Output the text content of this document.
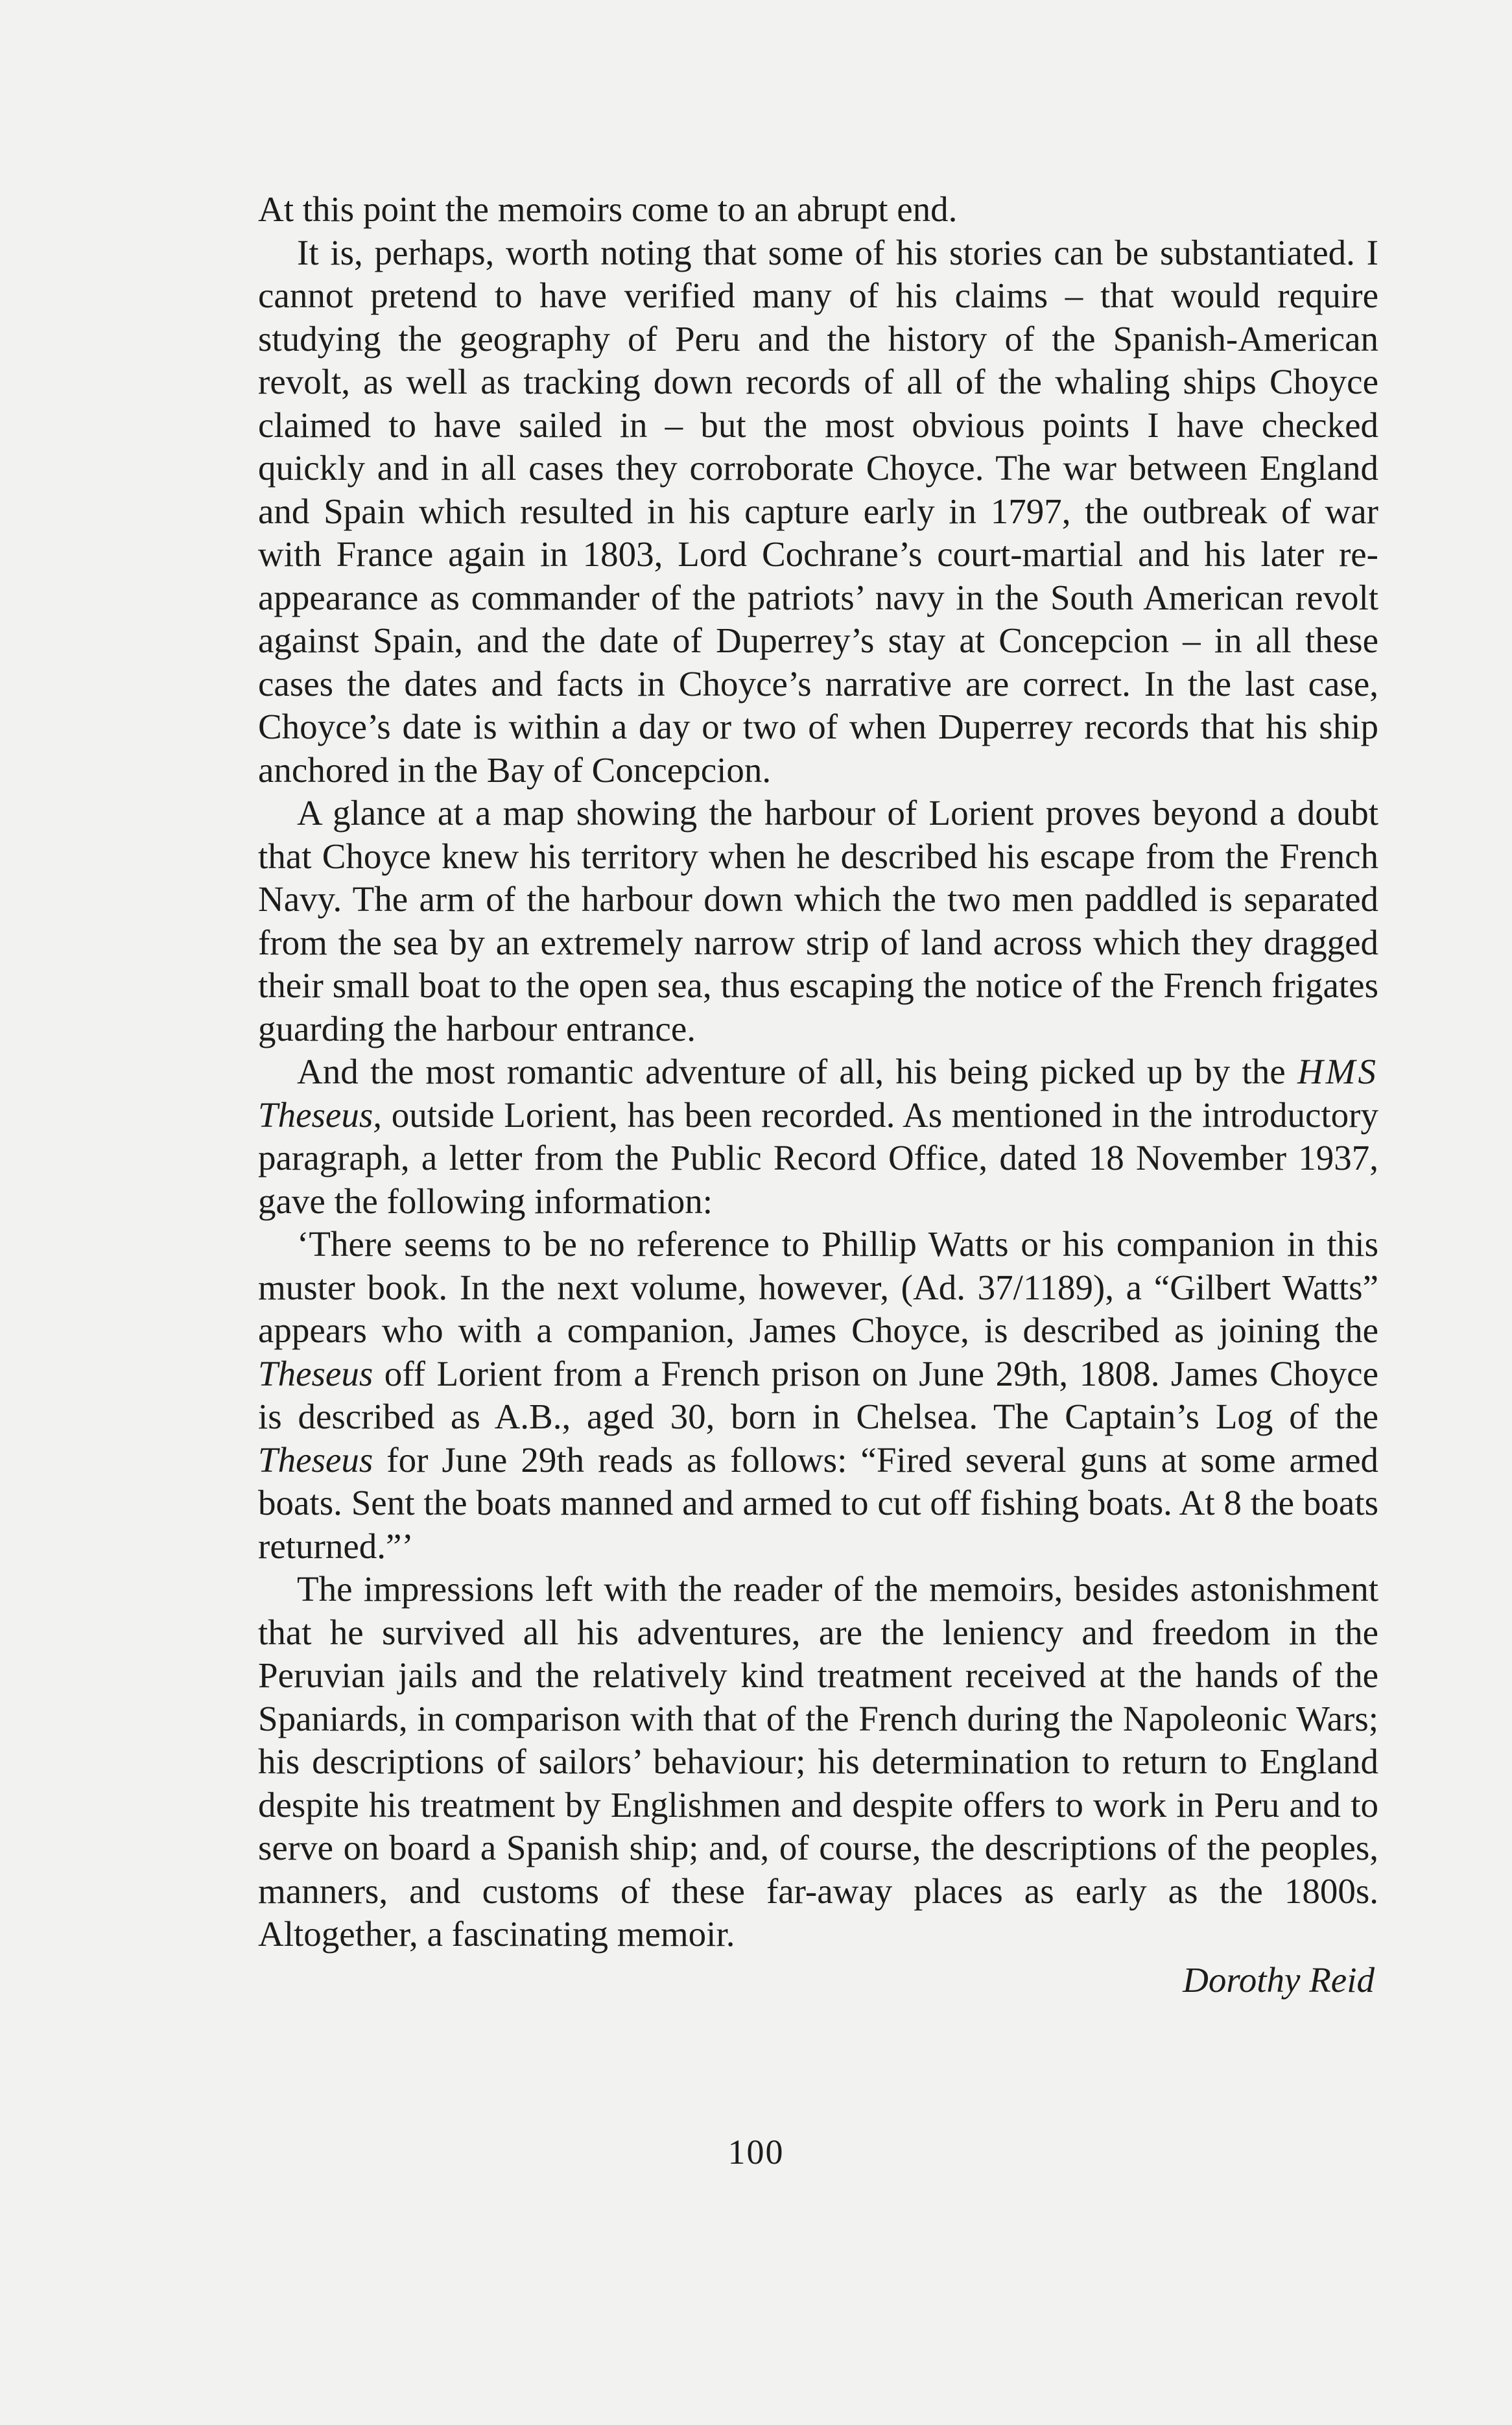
At this point the memoirs come to an abrupt end.

It is, perhaps, worth noting that some of his stories can be substantiated. I cannot pretend to have verified many of his claims – that would require studying the geography of Peru and the history of the Spanish-American revolt, as well as tracking down records of all of the whaling ships Choyce claimed to have sailed in – but the most obvious points I have checked quickly and in all cases they corroborate Choyce. The war between England and Spain which resulted in his capture early in 1797, the outbreak of war with France again in 1803, Lord Cochrane’s court-martial and his later re-appearance as commander of the patriots’ navy in the South American revolt against Spain, and the date of Duperrey’s stay at Concepcion – in all these cases the dates and facts in Choyce’s narrative are correct. In the last case, Choyce’s date is within a day or two of when Duperrey records that his ship anchored in the Bay of Concepcion.

A glance at a map showing the harbour of Lorient proves beyond a doubt that Choyce knew his territory when he described his escape from the French Navy. The arm of the harbour down which the two men paddled is separated from the sea by an extremely narrow strip of land across which they dragged their small boat to the open sea, thus escaping the notice of the French frigates guarding the harbour entrance.

And the most romantic adventure of all, his being picked up by the HMS Theseus, outside Lorient, has been recorded. As mentioned in the introductory paragraph, a letter from the Public Record Office, dated 18 November 1937, gave the following information:

‘There seems to be no reference to Phillip Watts or his companion in this muster book. In the next volume, however, (Ad. 37/1189), a “Gilbert Watts” appears who with a companion, James Choyce, is described as joining the Theseus off Lorient from a French prison on June 29th, 1808. James Choyce is described as A.B., aged 30, born in Chelsea. The Captain’s Log of the Theseus for June 29th reads as follows: “Fired several guns at some armed boats. Sent the boats manned and armed to cut off fishing boats. At 8 the boats returned.”’

The impressions left with the reader of the memoirs, besides astonishment that he survived all his adventures, are the leniency and freedom in the Peruvian jails and the relatively kind treatment received at the hands of the Spaniards, in comparison with that of the French during the Napoleonic Wars; his descriptions of sailors’ behaviour; his determination to return to England despite his treatment by Englishmen and despite offers to work in Peru and to serve on board a Spanish ship; and, of course, the descriptions of the peoples, manners, and customs of these far-away places as early as the 1800s. Altogether, a fascinating memoir.

Dorothy Reid
100
